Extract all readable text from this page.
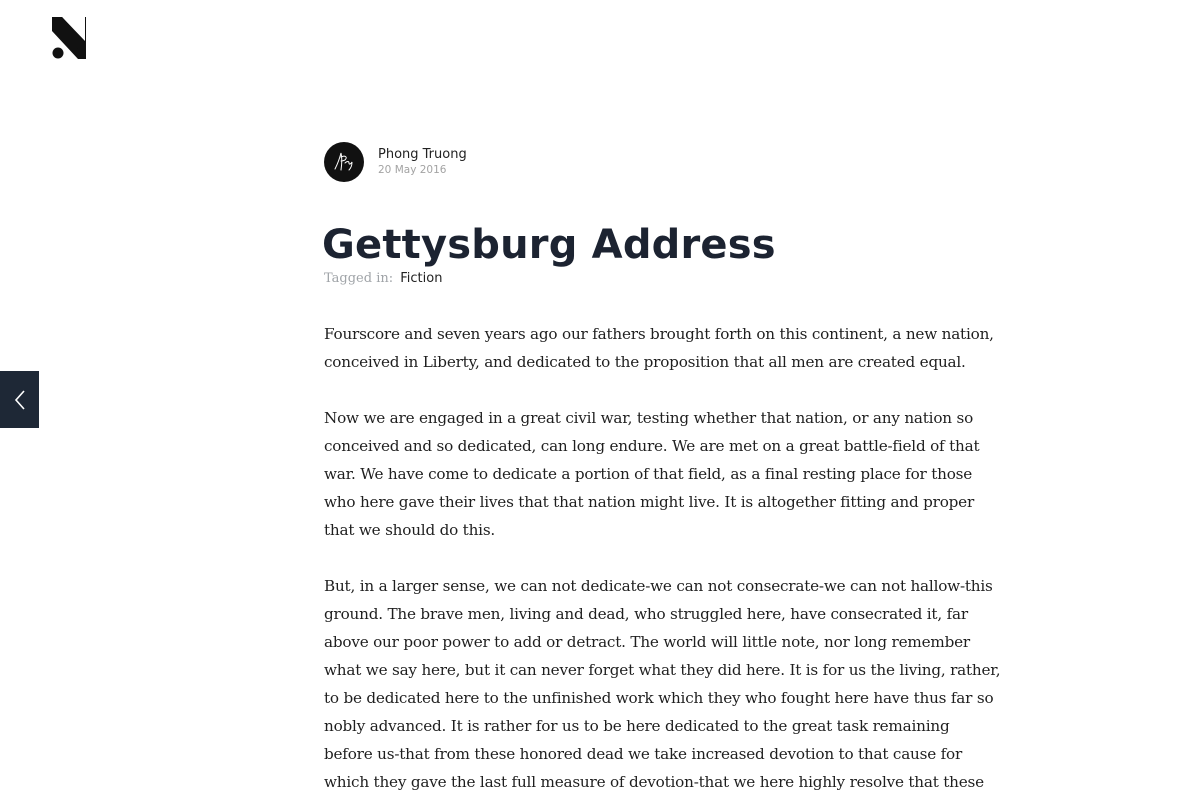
Phong Truong
20 May 2016
Gettysburg Address
Tagged in: Fiction

Fourscore and seven years ago our fathers brought forth on this continent, a new nation,
conceived in Liberty, and dedicated to the proposition that all men are created equal.

Now we are engaged in a great civil war, testing whether that nation, or any nation so
conceived and so dedicated, can long endure. We are met on a great battle-field of that
war. We have come to dedicate a portion of that field, as a final resting place for those
who here gave their lives that that nation might live. It is altogether fitting and proper
that we should do this.

But, in a larger sense, we can not dedicate-we can not consecrate-we can not hallow-this
ground. The brave men, living and dead, who struggled here, have consecrated it, far
above our poor power to add or detract. The world will little note, nor long remember
what we say here, but it can never forget what they did here. It is for us the living, rather,
to be dedicated here to the unfinished work which they who fought here have thus far so
nobly advanced. It is rather for us to be here dedicated to the great task remaining
before us-that from these honored dead we take increased devotion to that cause for
which they gave the last full measure of devotion-that we here highly resolve that these
